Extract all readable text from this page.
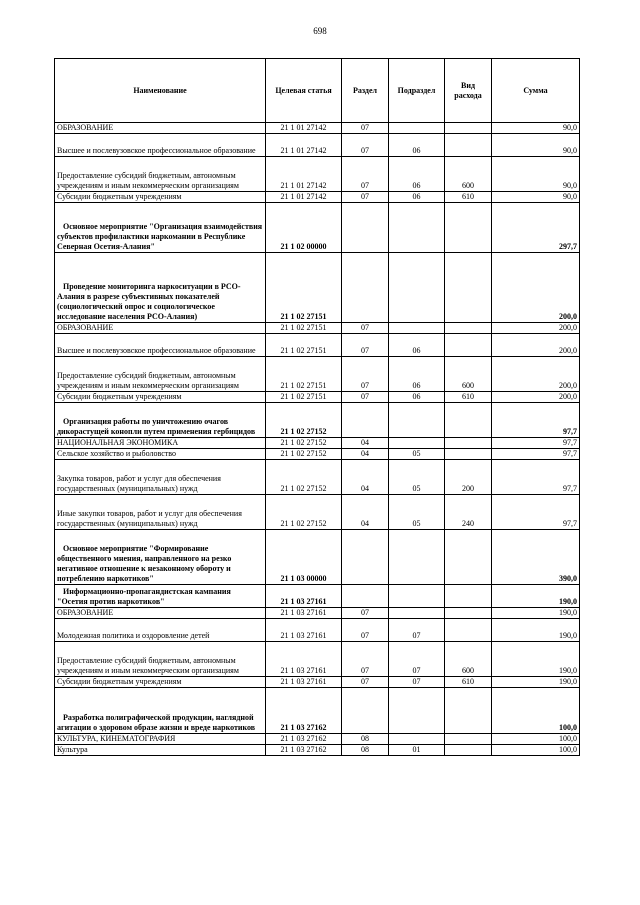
698
Наименование	Целевая статья	Раздел	Подраздел	Вид расхода	Сумма
ОБРАЗОВАНИЕ	21 1 01 27142	07			90,0
Высшее и послевузовское профессиональное образование	21 1 01 27142	07	06		90,0
Предоставление субсидий бюджетным, автономным учреждениям и иным некоммерческим организациям	21 1 01 27142	07	06	600	90,0
Субсидии бюджетным учреждениям	21 1 01 27142	07	06	610	90,0
Основное мероприятие "Организация взаимодействия субъектов профилактики наркомании в Республике Северная Осетия-Алания"	21 1 02 00000				297,7
Проведение мониторинга наркоситуации в РСО-Алания в разрезе субъективных показателей (социологический опрос и социологическое исследование населения РСО-Алания)	21 1 02 27151				200,0
ОБРАЗОВАНИЕ	21 1 02 27151	07			200,0
Высшее и послевузовское профессиональное образование	21 1 02 27151	07	06		200,0
Предоставление субсидий бюджетным, автономным учреждениям и иным некоммерческим организациям	21 1 02 27151	07	06	600	200,0
Субсидии бюджетным учреждениям	21 1 02 27151	07	06	610	200,0
Организация работы по уничтожению очагов дикорастущей конопли путем применения гербицидов	21 1 02 27152				97,7
НАЦИОНАЛЬНАЯ ЭКОНОМИКА	21 1 02 27152	04			97,7
Сельское хозяйство и рыболовство	21 1 02 27152	04	05		97,7
Закупка товаров, работ и услуг для обеспечения государственных (муниципальных) нужд	21 1 02 27152	04	05	200	97,7
Иные закупки товаров, работ и услуг для обеспечения государственных (муниципальных) нужд	21 1 02 27152	04	05	240	97,7
Основное мероприятие "Формирование общественного мнения, направленного на резко негативное отношение к незаконному обороту и потреблению наркотиков"	21 1 03 00000				390,0
Информационно-пропагандистская кампания "Осетия против наркотиков"	21 1 03 27161				190,0
ОБРАЗОВАНИЕ	21 1 03 27161	07			190,0
Молодежная политика и оздоровление детей	21 1 03 27161	07	07		190,0
Предоставление субсидий бюджетным, автономным учреждениям и иным некоммерческим организациям	21 1 03 27161	07	07	600	190,0
Субсидии бюджетным учреждениям	21 1 03 27161	07	07	610	190,0
Разработка полиграфической продукции, наглядной агитации о здоровом образе жизни и вреде наркотиков	21 1 03 27162				100,0
КУЛЬТУРА, КИНЕМАТОГРАФИЯ	21 1 03 27162	08			100,0
Культура	21 1 03 27162	08	01		100,0
